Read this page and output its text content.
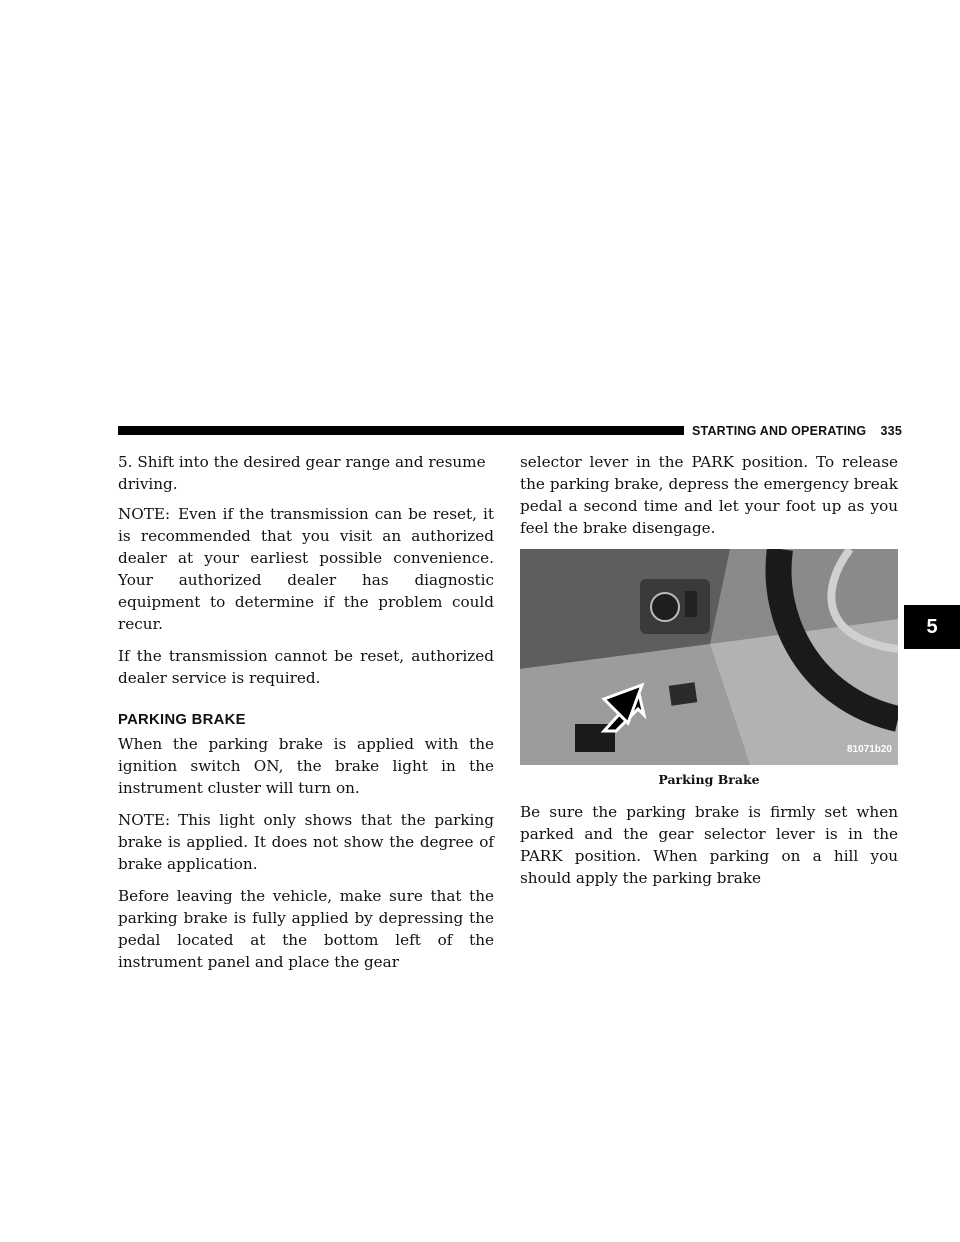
STARTING AND OPERATING 335

5. Shift into the desired gear range and resume driving.

NOTE: Even if the transmission can be reset, it is recommended that you visit an authorized dealer at your earliest possible convenience. Your authorized dealer has diagnostic equipment to determine if the problem could recur.

If the transmission cannot be reset, authorized dealer service is required.

PARKING BRAKE

When the parking brake is applied with the ignition switch ON, the brake light in the instrument cluster will turn on.

NOTE: This light only shows that the parking brake is applied. It does not show the degree of brake application.

Before leaving the vehicle, make sure that the parking brake is fully applied by depressing the pedal located at the bottom left of the instrument panel and place the gear

selector lever in the PARK position. To release the parking brake, depress the emergency break pedal a second time and let your foot up as you feel the brake disengage.

81071b20
Parking Brake

Be sure the parking brake is firmly set when parked and the gear selector lever is in the PARK position. When parking on a hill you should apply the parking brake

5
